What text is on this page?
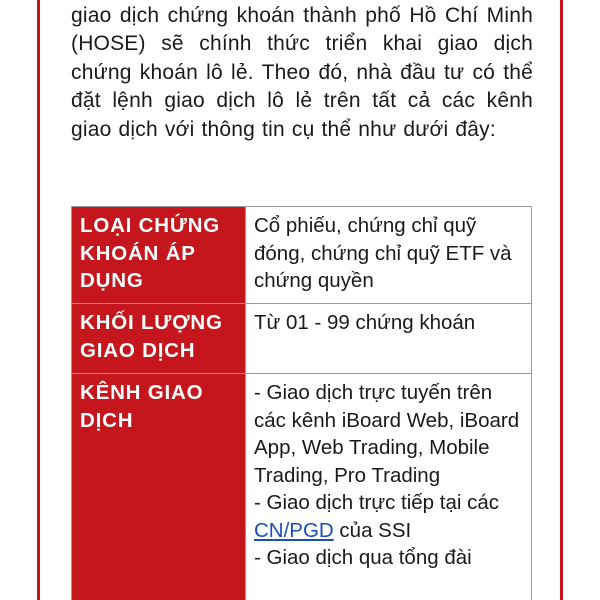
giao dịch chứng khoán thành phố Hồ Chí Minh (HOSE) sẽ chính thức triển khai giao dịch chứng khoán lô lẻ. Theo đó, nhà đầu tư có thể đặt lệnh giao dịch lô lẻ trên tất cả các kênh giao dịch với thông tin cụ thể như dưới đây:

LOẠI CHỨNG KHOÁN ÁP DỤNG	Cổ phiếu, chứng chỉ quỹ đóng, chứng chỉ quỹ ETF và chứng quyền

KHỐI LƯỢNG GIAO DỊCH	Từ 01 - 99 chứng khoán

KÊNH GIAO DỊCH	- Giao dịch trực tuyến trên các kênh iBoard Web, iBoard App, Web Trading, Mobile Trading, Pro Trading
- Giao dịch trực tiếp tại các CN/PGD của SSI
- Giao dịch qua tổng đài
